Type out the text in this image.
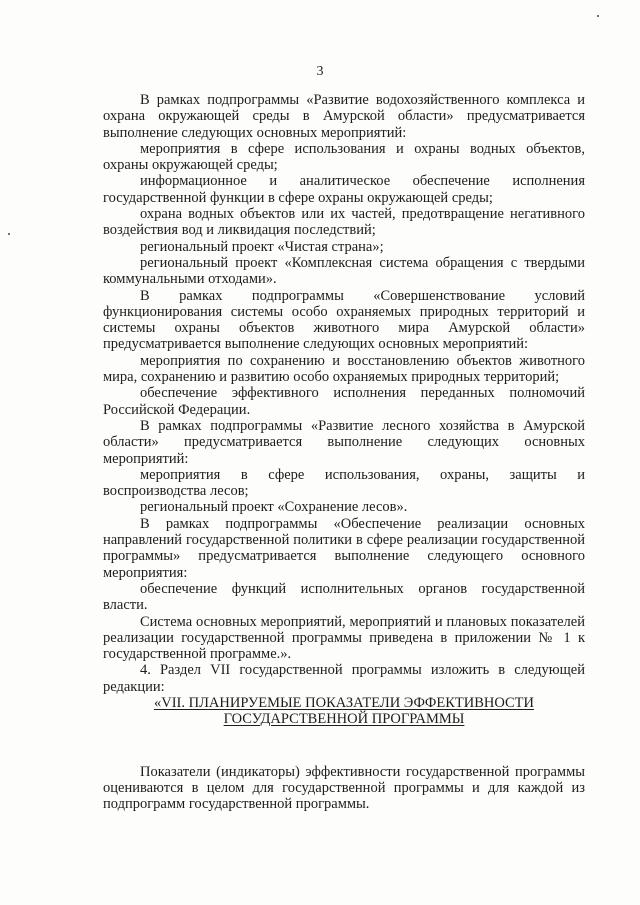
3

В рамках подпрограммы «Развитие водохозяйственного комплекса и охрана окружающей среды в Амурской области» предусматривается выполнение следующих основных мероприятий:

мероприятия в сфере использования и охраны водных объектов, охраны окружающей среды;

информационное и аналитическое обеспечение исполнения государственной функции в сфере охраны окружающей среды;

охрана водных объектов или их частей, предотвращение негативного воздействия вод и ликвидация последствий;

региональный проект «Чистая страна»;

региональный проект «Комплексная система обращения с твердыми коммунальными отходами».

В рамках подпрограммы «Совершенствование условий функционирования системы особо охраняемых природных территорий и системы охраны объектов животного мира Амурской области» предусматривается выполнение следующих основных мероприятий:

мероприятия по сохранению и восстановлению объектов животного мира, сохранению и развитию особо охраняемых природных территорий;

обеспечение эффективного исполнения переданных полномочий Российской Федерации.

В рамках подпрограммы «Развитие лесного хозяйства в Амурской области» предусматривается выполнение следующих основных мероприятий:

мероприятия в сфере использования, охраны, защиты и воспроизводства лесов;

региональный проект «Сохранение лесов».

В рамках подпрограммы «Обеспечение реализации основных направлений государственной политики в сфере реализации государственной программы» предусматривается выполнение следующего основного мероприятия:

обеспечение функций исполнительных органов государственной власти.

Система основных мероприятий, мероприятий и плановых показателей реализации государственной программы приведена в приложении № 1 к государственной программе.».

4. Раздел VII государственной программы изложить в следующей редакции:

«VII. ПЛАНИРУЕМЫЕ ПОКАЗАТЕЛИ ЭФФЕКТИВНОСТИ

ГОСУДАРСТВЕННОЙ ПРОГРАММЫ

Показатели (индикаторы) эффективности государственной программы оцениваются в целом для государственной программы и для каждой из подпрограмм государственной программы.
